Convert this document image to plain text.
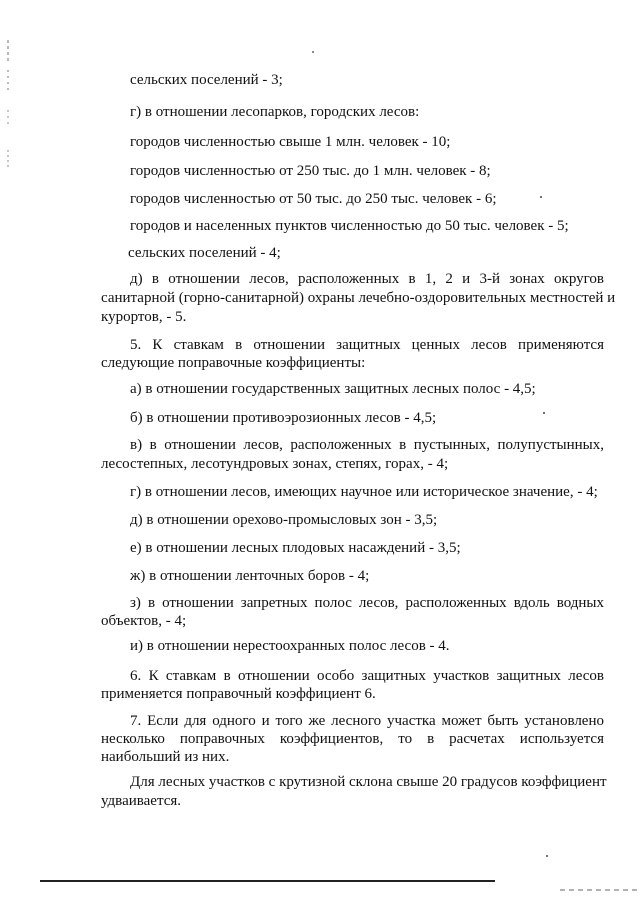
сельских поселений - 3;

г) в отношении лесопарков, городских лесов:

городов численностью свыше 1 млн. человек - 10;

городов численностью от 250 тыс. до 1 млн. человек - 8;

городов численностью от 50 тыс. до 250 тыс. человек - 6;

городов и населенных пунктов численностью до 50 тыс. человек - 5;

сельских поселений - 4;

д) в отношении лесов, расположенных в 1, 2 и 3-й зонах округов

санитарной (горно-санитарной) охраны лечебно-оздоровительных местностей и

курортов, - 5.

5. К ставкам в отношении защитных ценных лесов применяются

следующие поправочные коэффициенты:

а) в отношении государственных защитных лесных полос - 4,5;

б) в отношении противоэрозионных лесов - 4,5;

в) в отношении лесов, расположенных в пустынных, полупустынных,

лесостепных, лесотундровых зонах, степях, горах, - 4;

г) в отношении лесов, имеющих научное или историческое значение, - 4;

д) в отношении орехово-промысловых зон - 3,5;

е) в отношении лесных плодовых насаждений - 3,5;

ж) в отношении ленточных боров - 4;

з) в отношении запретных полос лесов, расположенных вдоль водных

объектов, - 4;

и) в отношении нерестоохранных полос лесов - 4.

6. К ставкам в отношении особо защитных участков защитных лесов

применяется поправочный коэффициент 6.

7. Если для одного и того же лесного участка может быть установлено

несколько поправочных коэффициентов, то в расчетах используется

наибольший из них.

Для лесных участков с крутизной склона свыше 20 градусов коэффициент

удваивается.
